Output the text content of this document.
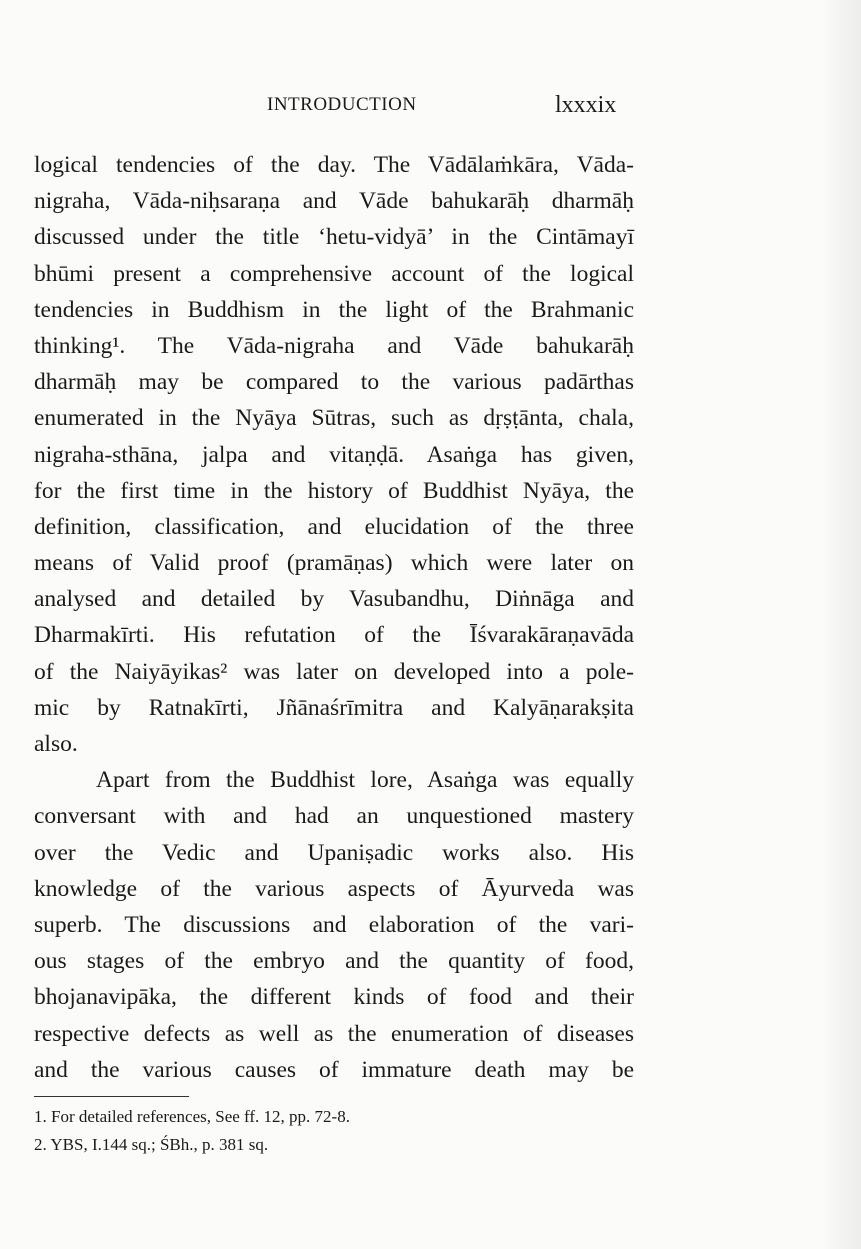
INTRODUCTION	lxxxix
logical tendencies of the day. The Vādālaṁkāra, Vāda-
nigraha, Vāda-niḥsaraṇa and Vāde bahukarāḥ dharmāḥ
discussed under the title ‘hetu-vidyā’ in the Cintāmayī
bhūmi present a comprehensive account of the logical
tendencies in Buddhism in the light of the Brahmanic
thinking¹. The Vāda-nigraha and Vāde bahukarāḥ
dharmāḥ may be compared to the various padārthas
enumerated in the Nyāya Sūtras, such as dṛṣṭānta, chala,
nigraha-sthāna, jalpa and vitaṇḍā. Asaṅga has given,
for the first time in the history of Buddhist Nyāya, the
definition, classification, and elucidation of the three
means of Valid proof (pramāṇas) which were later on
analysed and detailed by Vasubandhu, Diṅnāga and
Dharmakīrti. His refutation of the Īśvarakāraṇavāda
of the Naiyāyikas² was later on developed into a pole-
mic by Ratnakīrti, Jñānaśrīmitra and Kalyāṇarakṣita
also.
Apart from the Buddhist lore, Asaṅga was equally
conversant with and had an unquestioned mastery
over the Vedic and Upaniṣadic works also. His
knowledge of the various aspects of Āyurveda was
superb. The discussions and elaboration of the vari-
ous stages of the embryo and the quantity of food,
bhojanavipāka, the different kinds of food and their
respective defects as well as the enumeration of diseases
and the various causes of immature death may be
1. For detailed references, See ff. 12, pp. 72-8.
2. YBS, I.144 sq.; ŚBh., p. 381 sq.
